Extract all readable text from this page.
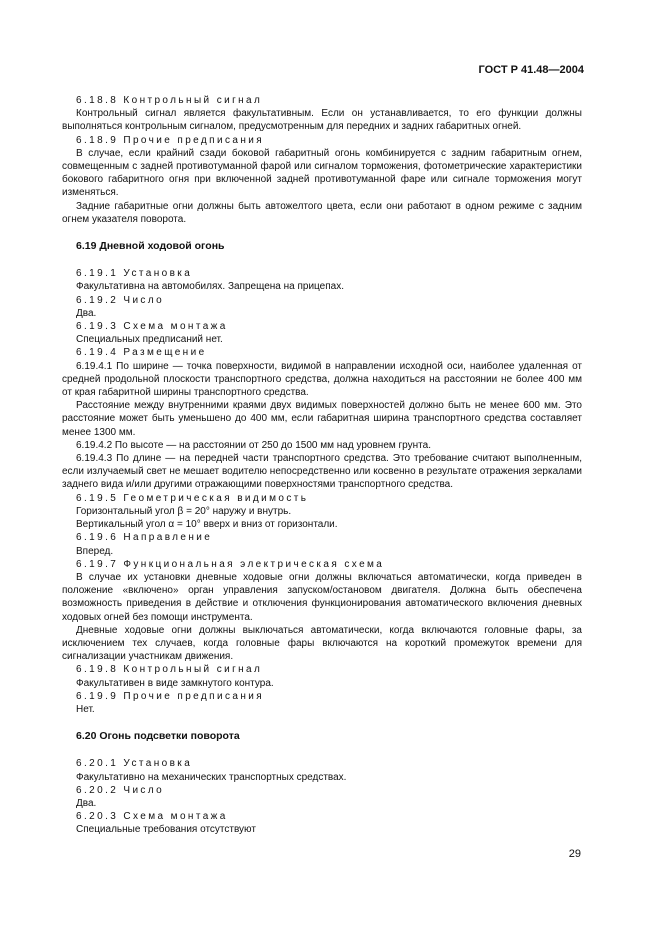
ГОСТ Р 41.48—2004

6.18.8 Контрольный сигнал

Контрольный сигнал является факультативным. Если он устанавливается, то его функции должны выполняться контрольным сигналом, предусмотренным для передних и задних габаритных огней.

6.18.9 Прочие предписания

В случае, если крайний сзади боковой габаритный огонь комбинируется с задним габаритным огнем, совмещенным с задней противотуманной фарой или сигналом торможения, фотометрические характеристики бокового габаритного огня при включенной задней противотуманной фаре или сигнале торможения могут изменяться.

Задние габаритные огни должны быть автожелтого цвета, если они работают в одном режиме с задним огнем указателя поворота.

6.19 Дневной ходовой огонь

6.19.1 Установка

Факультативна на автомобилях. Запрещена на прицепах.

6.19.2 Число

Два.

6.19.3 Схема монтажа

Специальных предписаний нет.

6.19.4 Размещение

6.19.4.1 По ширине — точка поверхности, видимой в направлении исходной оси, наиболее удаленная от средней продольной плоскости транспортного средства, должна находиться на расстоянии не более 400 мм от края габаритной ширины транспортного средства.

Расстояние между внутренними краями двух видимых поверхностей должно быть не менее 600 мм. Это расстояние может быть уменьшено до 400 мм, если габаритная ширина транспортного средства составляет менее 1300 мм.

6.19.4.2 По высоте — на расстоянии от 250 до 1500 мм над уровнем грунта.

6.19.4.3 По длине — на передней части транспортного средства. Это требование считают выполненным, если излучаемый свет не мешает водителю непосредственно или косвенно в результате отражения зеркалами заднего вида и/или другими отражающими поверхностями транспортного средства.

6.19.5 Геометрическая видимость

Горизонтальный угол β = 20° наружу и внутрь.

Вертикальный угол α = 10° вверх и вниз от горизонтали.

6.19.6 Направление

Вперед.

6.19.7 Функциональная электрическая схема

В случае их установки дневные ходовые огни должны включаться автоматически, когда приведен в положение «включено» орган управления запуском/остановом двигателя. Должна быть обеспечена возможность приведения в действие и отключения функционирования автоматического включения дневных ходовых огней без помощи инструмента.

Дневные ходовые огни должны выключаться автоматически, когда включаются головные фары, за исключением тех случаев, когда головные фары включаются на короткий промежуток времени для сигнализации участникам движения.

6.19.8 Контрольный сигнал

Факультативен в виде замкнутого контура.

6.19.9 Прочие предписания

Нет.

6.20 Огонь подсветки поворота

6.20.1 Установка

Факультативно на механических транспортных средствах.

6.20.2 Число

Два.

6.20.3 Схема монтажа

Специальные требования отсутствуют

29
